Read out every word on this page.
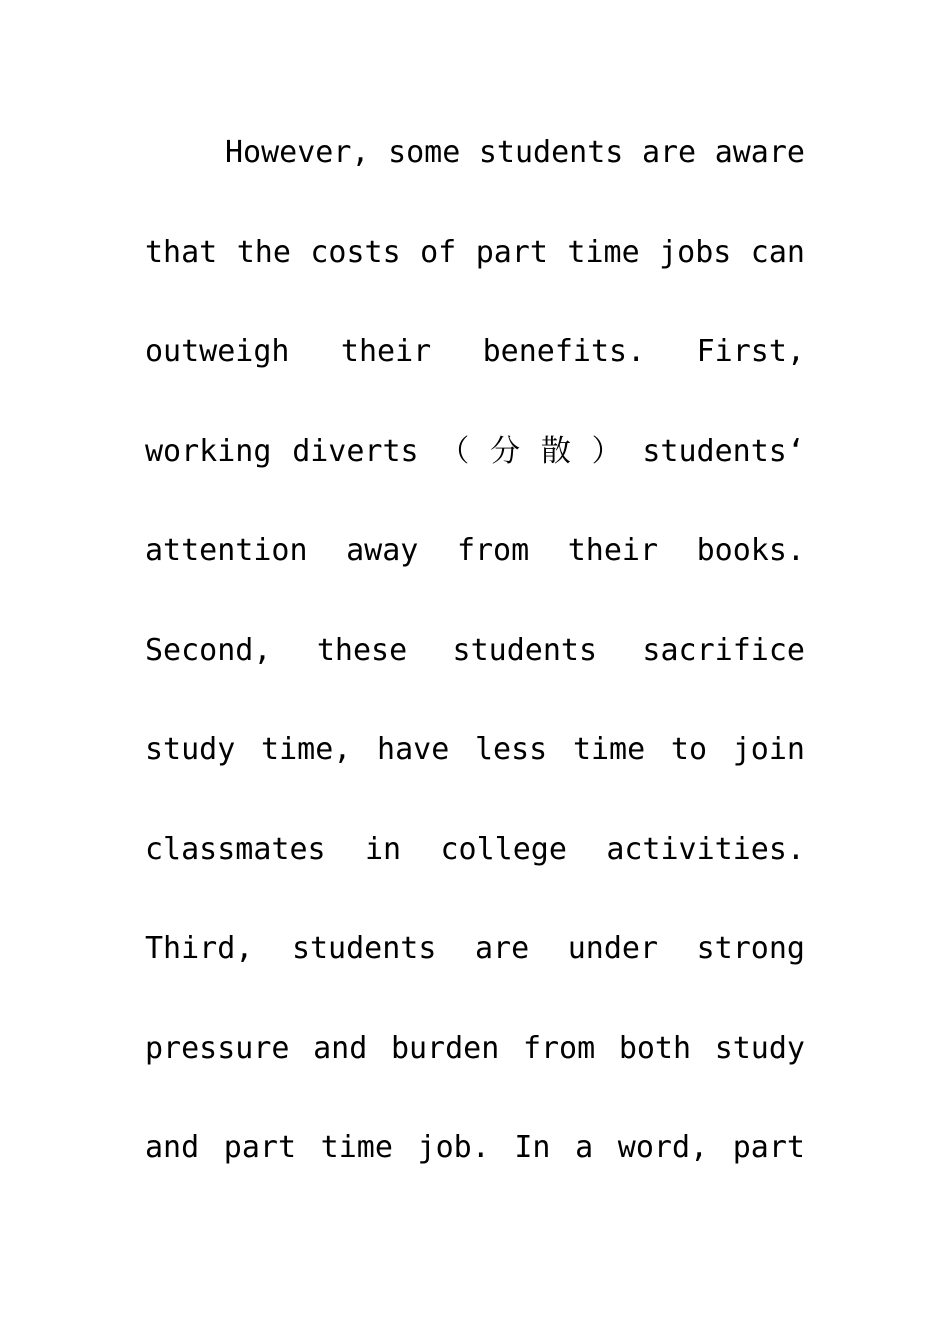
However, some students are aware
that the costs of part time jobs can
outweigh their benefits. First,
working diverts （ 分 散 ） students‘
attention away from their books.
Second, these students sacrifice
study time, have less time to join
classmates in college activities.
Third, students are under strong
pressure and burden from both study
and part time job. In a word, part
